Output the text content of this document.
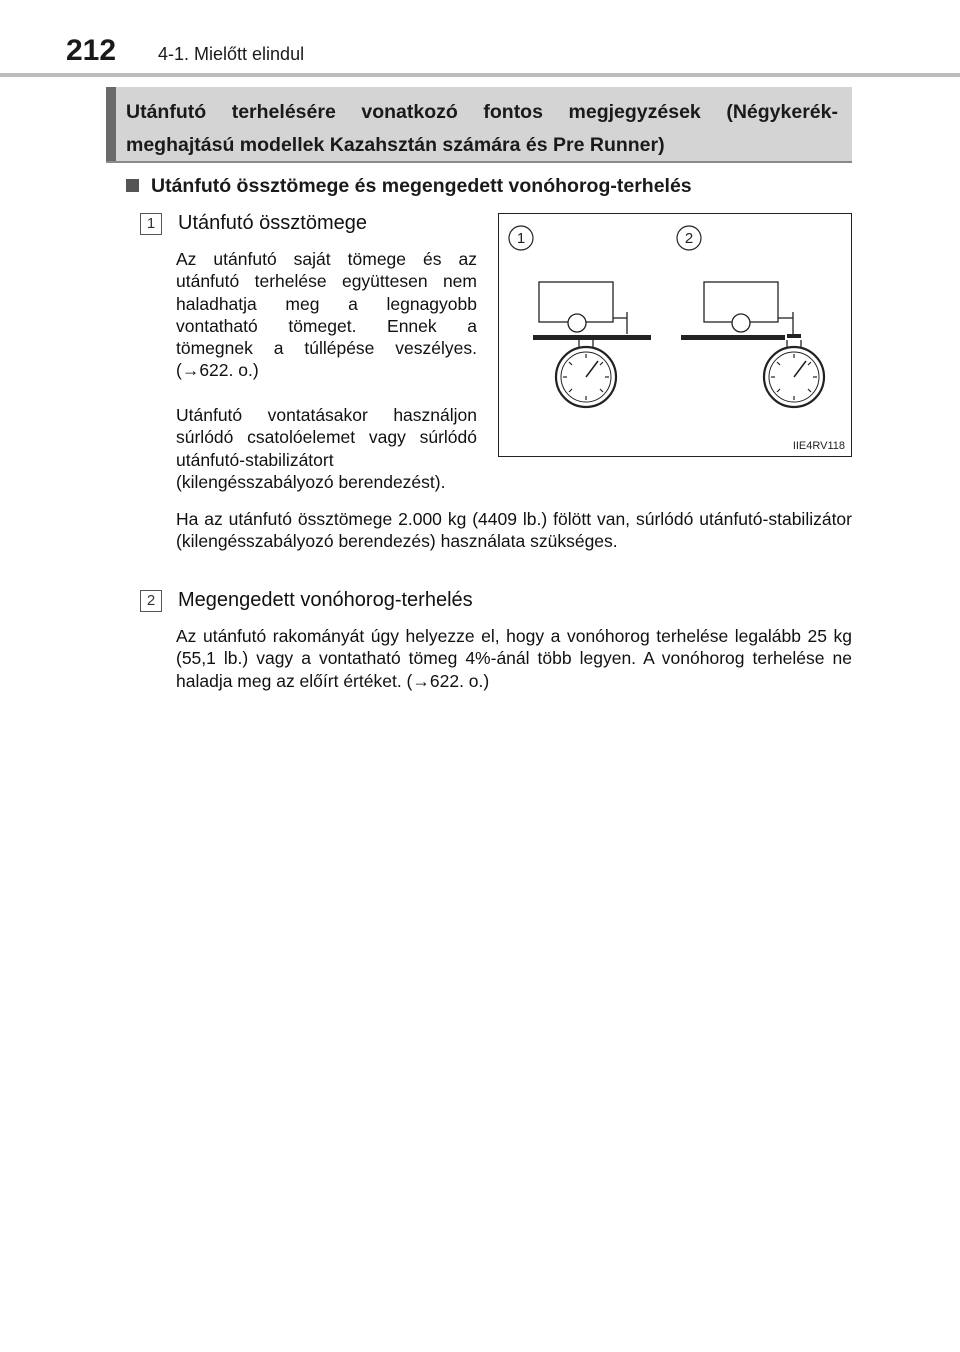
212 4-1. Mielőtt elindul
Utánfutó terhelésére vonatkozó fontos megjegyzések (Négykerék-meghajtású modellek Kazahsztán számára és Pre Runner)
Utánfutó össztömege és megengedett vonóhorog-terhelés
1	Utánfutó össztömege
Az utánfutó saját tömege és az utánfutó terhelése együttesen nem haladhatja meg a legnagyobb vontatható tömeget. Ennek a tömegnek a túllépése veszélyes. (→622. o.)
Utánfutó vontatásakor használjon súrlódó csatolóelemet vagy súrlódó utánfutó-stabilizátort (kilengésszabályozó berendezést).
Ha az utánfutó össztömege 2.000 kg (4409 lb.) fölött van, súrlódó utánfutó-stabilizátor (kilengésszabályozó berendezés) használata szükséges.
1	2
IIE4RV118
2	Megengedett vonóhorog-terhelés
Az utánfutó rakományát úgy helyezze el, hogy a vonóhorog terhelése legalább 25 kg (55,1 lb.) vagy a vontatható tömeg 4%-ánál több legyen. A vonóhorog terhelése ne haladja meg az előírt értéket. (→622. o.)
